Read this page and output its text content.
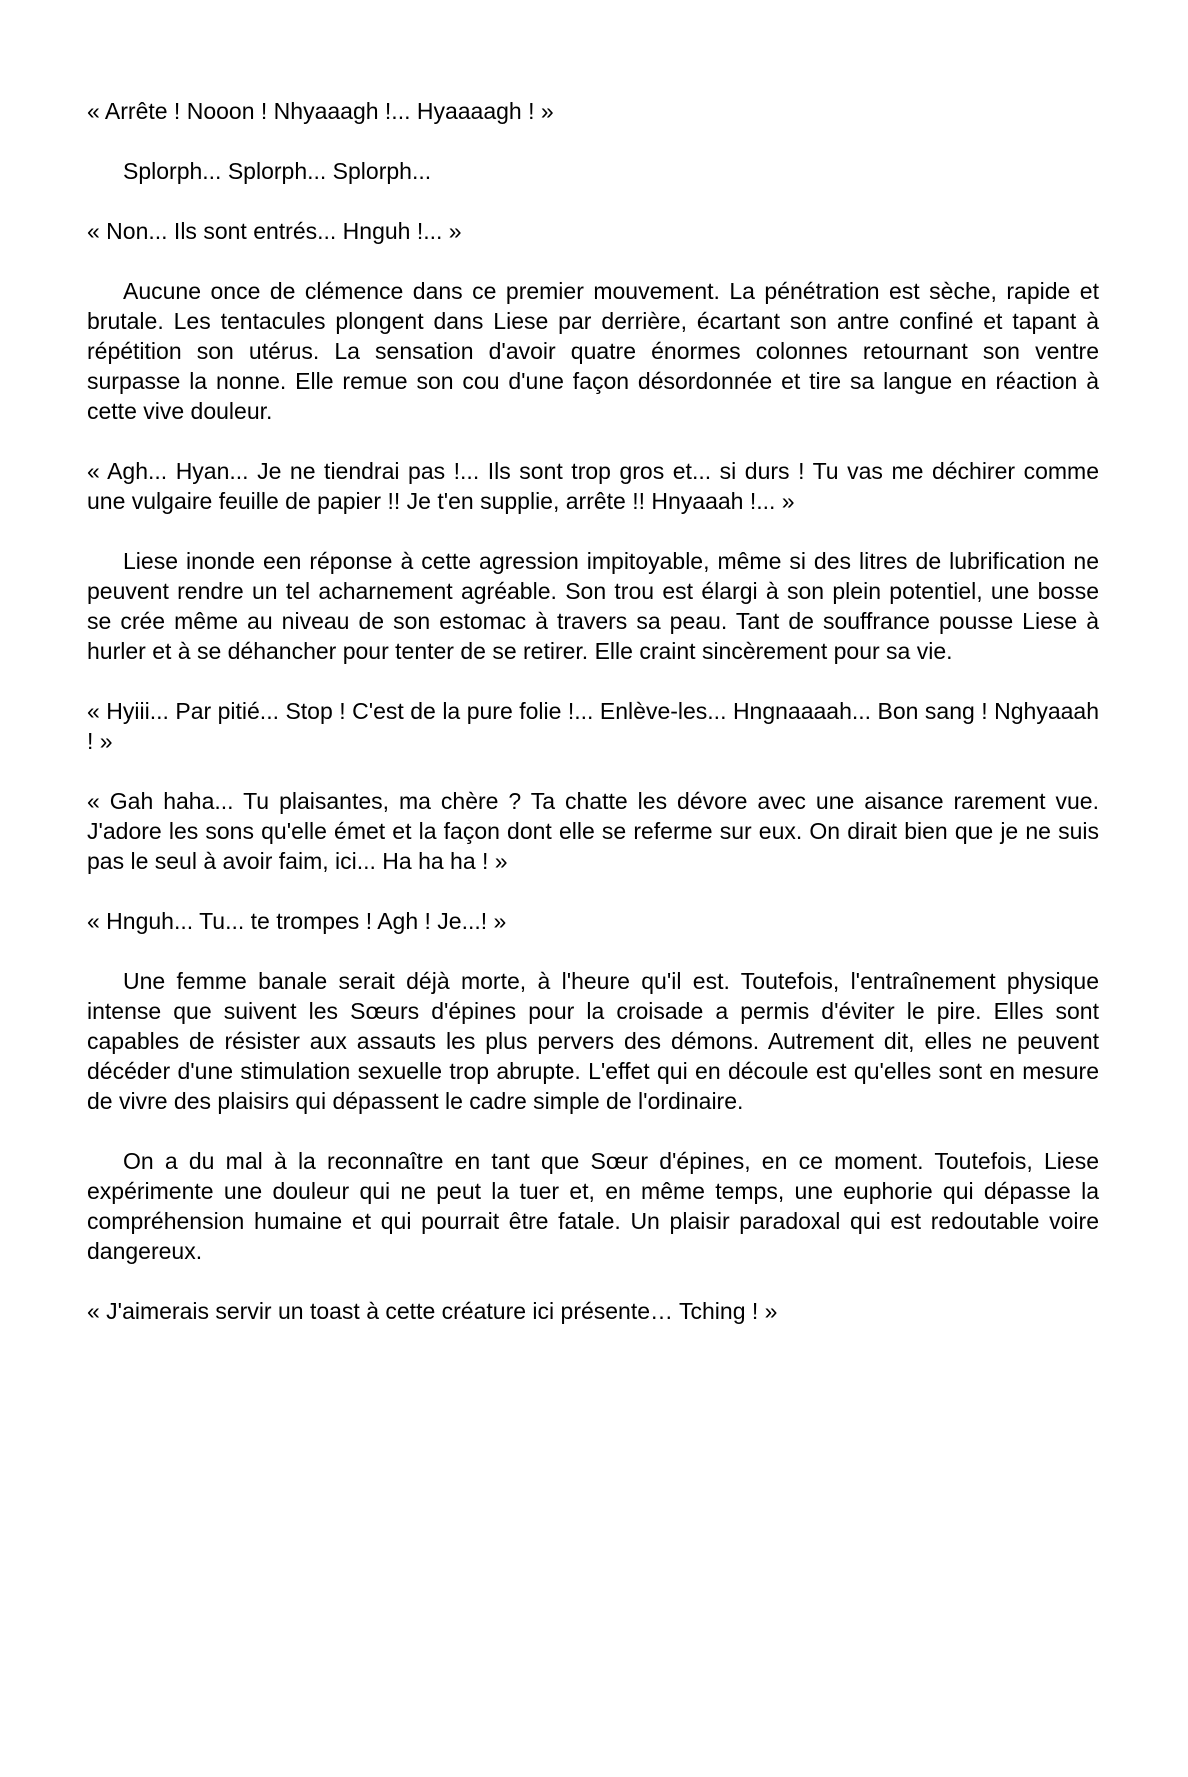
« Arrête ! Nooon ! Nhyaaagh !... Hyaaaagh ! »

Splorph... Splorph... Splorph...

« Non... Ils sont entrés... Hnguh !... »

Aucune once de clémence dans ce premier mouvement. La pénétration est sèche, rapide et brutale. Les tentacules plongent dans Liese par derrière, écartant son antre confiné et tapant à répétition son utérus. La sensation d'avoir quatre énormes colonnes retournant son ventre surpasse la nonne. Elle remue son cou d'une façon désordonnée et tire sa langue en réaction à cette vive douleur.

« Agh... Hyan... Je ne tiendrai pas !... Ils sont trop gros et... si durs ! Tu vas me déchirer comme une vulgaire feuille de papier !! Je t'en supplie, arrête !! Hnyaaah !... »

Liese inonde een réponse à cette agression impitoyable, même si des litres de lubrification ne peuvent rendre un tel acharnement agréable. Son trou est élargi à son plein potentiel, une bosse se crée même au niveau de son estomac à travers sa peau. Tant de souffrance pousse Liese à hurler et à se déhancher pour tenter de se retirer. Elle craint sincèrement pour sa vie.

« Hyiii... Par pitié... Stop ! C'est de la pure folie !... Enlève-les... Hngnaaaah... Bon sang ! Nghyaaah ! »

« Gah haha... Tu plaisantes, ma chère ? Ta chatte les dévore avec une aisance rarement vue. J'adore les sons qu'elle émet et la façon dont elle se referme sur eux. On dirait bien que je ne suis pas le seul à avoir faim, ici... Ha ha ha ! »

« Hnguh... Tu... te trompes ! Agh ! Je...! »

Une femme banale serait déjà morte, à l'heure qu'il est. Toutefois, l'entraînement physique intense que suivent les Sœurs d'épines pour la croisade a permis d'éviter le pire. Elles sont capables de résister aux assauts les plus pervers des démons. Autrement dit, elles ne peuvent décéder d'une stimulation sexuelle trop abrupte. L'effet qui en découle est qu'elles sont en mesure de vivre des plaisirs qui dépassent le cadre simple de l'ordinaire.

On a du mal à la reconnaître en tant que Sœur d'épines, en ce moment. Toutefois, Liese expérimente une douleur qui ne peut la tuer et, en même temps, une euphorie qui dépasse la compréhension humaine et qui pourrait être fatale. Un plaisir paradoxal qui est redoutable voire dangereux.

« J'aimerais servir un toast à cette créature ici présente… Tching ! »
